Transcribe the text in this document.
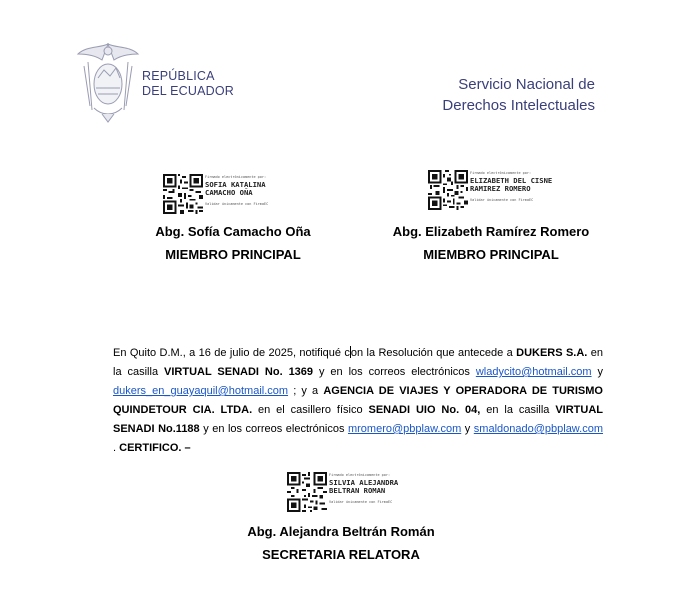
REPÚBLICA
DEL ECUADOR	Servicio Nacional de
Derechos Intelectuales
Firmado electrónicamente por:
SOFIA KATALINA
CAMACHO OÑA
Validar únicamente con FirmaEC
Abg. Sofía Camacho Oña
MIEMBRO PRINCIPAL
Firmado electrónicamente por:
ELIZABETH DEL CISNE
RAMIREZ ROMERO
Validar únicamente con FirmaEC
Abg. Elizabeth Ramírez Romero
MIEMBRO PRINCIPAL
En Quito D.M., a 16 de julio de 2025, notifiqué con la Resolución que antecede a DUKERS S.A. en la casilla VIRTUAL SENADI No. 1369 y en los correos electrónicos wladycito@hotmail.com y dukers_en_guayaquil@hotmail.com ; y a AGENCIA DE VIAJES Y OPERADORA DE TURISMO QUINDETOUR CIA. LTDA. en el casillero físico SENADI UIO No. 04, en la casilla VIRTUAL SENADI No.1188 y en los correos electrónicos mromero@pbplaw.com y smaldonado@pbplaw.com . CERTIFICO. –
Firmado electrónicamente por:
SILVIA ALEJANDRA
BELTRAN ROMAN
Validar únicamente con FirmaEC
Abg. Alejandra Beltrán Román
SECRETARIA RELATORA
